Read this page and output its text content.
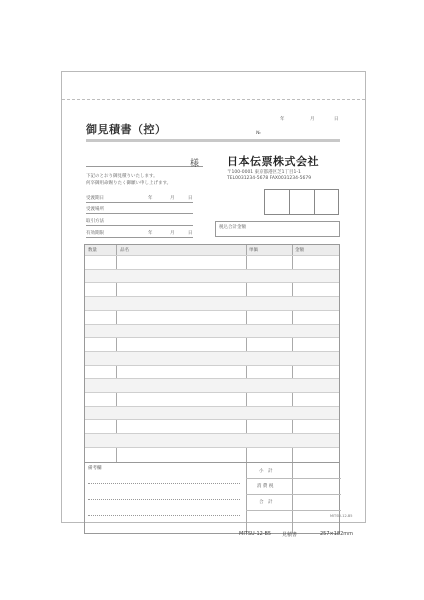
年	月	日
御見積書（控）	№
様
下記のとおり御見積りいたします。
何卒御用命賜りたく御願い申し上げます。
受渡期日	年	月	日
受渡場所
取引方法
有効期限	年	月	日
日本伝票株式会社
〒100-0001 東京都港区芝1丁目1-1
TEL0031234-5678 FAX0031234-5679
税込合計金額
数量	品名	単価	金額
備考欄
小　計
消 費 税
合　計
MITSU-12-B5
MITSU-12-B5 見積書	257×182mm
